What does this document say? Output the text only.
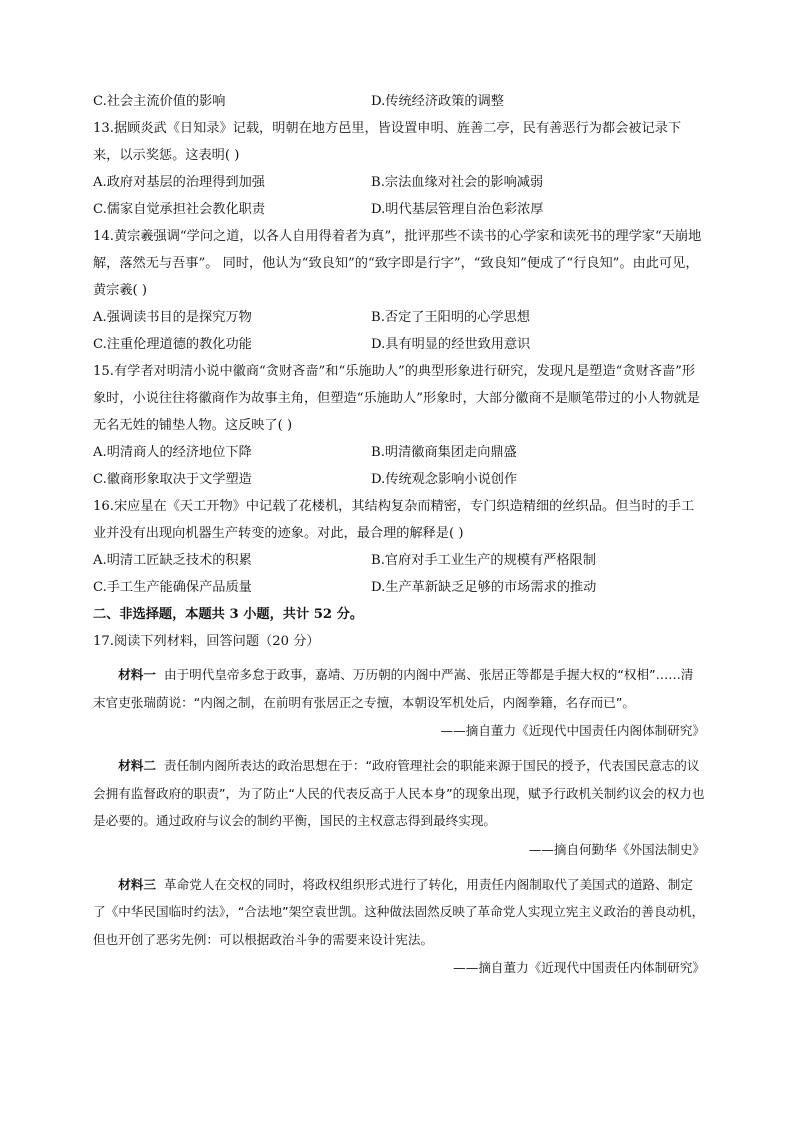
C.社会主流价值的影响	D.传统经济政策的调整
13.据顾炎武《日知录》记载，明朝在地方邑里，皆设置申明、旌善二亭，民有善恶行为都会被记录下来，以示奖惩。这表明( )
A.政府对基层的治理得到加强	B.宗法血缘对社会的影响减弱
C.儒家自觉承担社会教化职责	D.明代基层管理自治色彩浓厚
14.黄宗羲强调“学问之道，以各人自用得着者为真”，批评那些不读书的心学家和读死书的理学家“天崩地解，落然无与吾事”。 同时，他认为“致良知”的“致字即是行字”，“致良知”便成了“行良知”。由此可见，黄宗羲( )
A.强调读书目的是探究万物	B.否定了王阳明的心学思想
C.注重伦理道德的教化功能	D.具有明显的经世致用意识
15.有学者对明清小说中徽商“贪财吝啬”和“乐施助人”的典型形象进行研究，发现凡是塑造“贪财吝啬”形象时，小说往往将徽商作为故事主角，但塑造“乐施助人”形象时，大部分徽商不是顺笔带过的小人物就是无名无姓的铺垫人物。这反映了( )
A.明清商人的经济地位下降	B.明清徽商集团走向鼎盛
C.徽商形象取决于文学塑造	D.传统观念影响小说创作
16.宋应星在《天工开物》中记载了花楼机，其结构复杂而精密，专门织造精细的丝织品。但当时的手工业并没有出现向机器生产转变的迹象。对此，最合理的解释是( )
A.明清工匠缺乏技术的积累	B.官府对手工业生产的规模有严格限制
C.手工生产能确保产品质量	D.生产革新缺乏足够的市场需求的推动
二、非选择题，本题共 3 小题，共计 52 分。
17.阅读下列材料，回答问题（20 分）
材料一 由于明代皇帝多怠于政事，嘉靖、万历朝的内阁中严嵩、张居正等都是手握大权的“权相”……清末官吏张瑞荫说：“内阁之制，在前明有张居正之专擅，本朝设军机处后，内阁拳籍，名存而已”。
——摘自董力《近现代中国责任内阁体制研究》
材料二 责任制内阁所表达的政治思想在于：“政府管理社会的职能来源于国民的授予，代表国民意志的议会拥有监督政府的职责”，为了防止“人民的代表反高于人民本身”的现象出现，赋予行政机关制约议会的权力也是必要的。通过政府与议会的制约平衡，国民的主权意志得到最终实现。
——摘自何勤华《外国法制史》
材料三 革命党人在交权的同时，将政权组织形式进行了转化，用责任内阁制取代了美国式的道路、制定了《中华民国临时约法》，“合法地”架空袁世凯。这种做法固然反映了革命党人实现立宪主义政治的善良动机，但也开创了恶劣先例：可以根据政治斗争的需要来设计宪法。
——摘自董力《近现代中国责任内体制研究》
